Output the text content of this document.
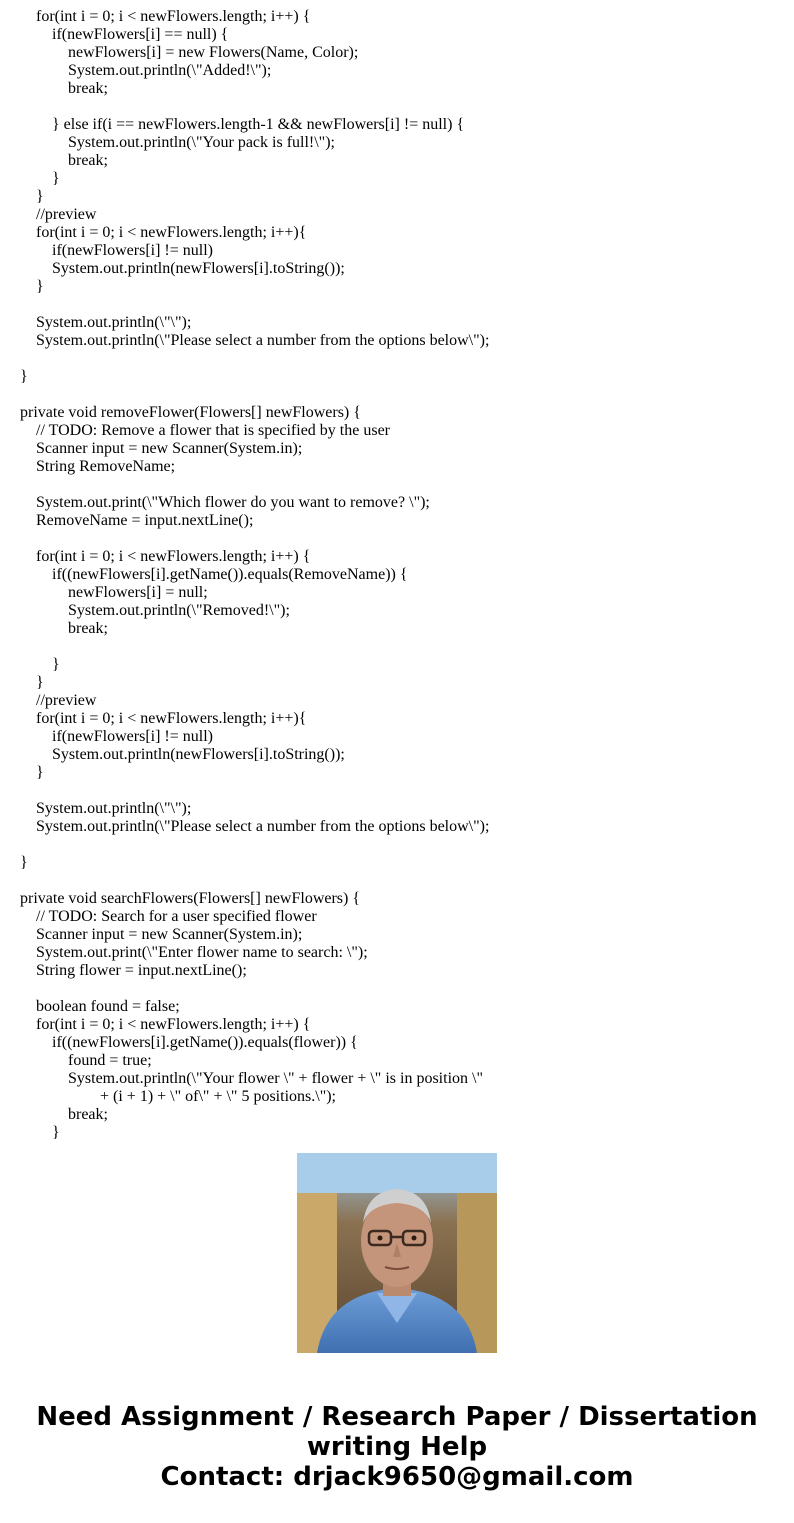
for(int i = 0; i < newFlowers.length; i++) {
if(newFlowers[i] == null) {
newFlowers[i] = new Flowers(Name, Color);
System.out.println(\"Added!\");
break;
} else if(i == newFlowers.length-1 && newFlowers[i] != null) {
System.out.println(\"Your pack is full!\");
break;
}
}
//preview
for(int i = 0; i < newFlowers.length; i++){
if(newFlowers[i] != null)
System.out.println(newFlowers[i].toString());
}
System.out.println(\"\");
System.out.println(\"Please select a number from the options below\");
}
private void removeFlower(Flowers[] newFlowers) {
// TODO: Remove a flower that is specified by the user
Scanner input = new Scanner(System.in);
String RemoveName;
System.out.print(\"Which flower do you want to remove? \");
RemoveName = input.nextLine();
for(int i = 0; i < newFlowers.length; i++) {
if((newFlowers[i].getName()).equals(RemoveName)) {
newFlowers[i] = null;
System.out.println(\"Removed!\");
break;
}
}
//preview
for(int i = 0; i < newFlowers.length; i++){
if(newFlowers[i] != null)
System.out.println(newFlowers[i].toString());
}
System.out.println(\"\");
System.out.println(\"Please select a number from the options below\");
}
private void searchFlowers(Flowers[] newFlowers) {
// TODO: Search for a user specified flower
Scanner input = new Scanner(System.in);
System.out.print(\"Enter flower name to search: \");
String flower = input.nextLine();
boolean found = false;
for(int i = 0; i < newFlowers.length; i++) {
if((newFlowers[i].getName()).equals(flower)) {
found = true;
System.out.println(\"Your flower \" + flower + \" is in position \"
+ (i + 1) + \" of\" + \" 5 positions.\");
break;
}
Need Assignment / Research Paper / Dissertation
writing Help
Contact: drjack9650@gmail.com
